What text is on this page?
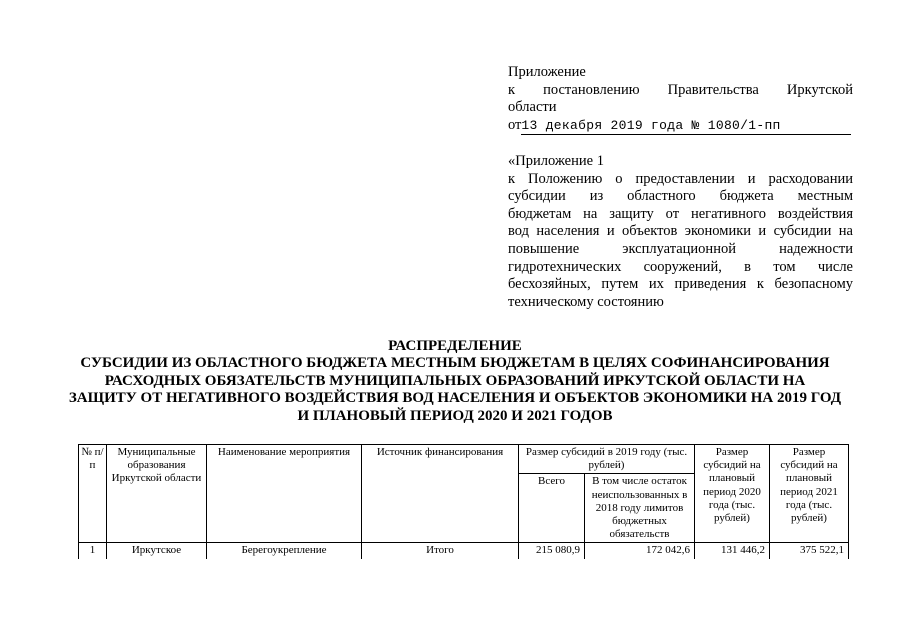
Приложение
к постановлению Правительства Иркутской
области
от13 декабря 2019 года № 1080/1-пп
«Приложение 1
к Положению о предоставлении и расходовании
субсидии из областного бюджета местным
бюджетам на защиту от негативного воздействия
вод населения и объектов экономики и субсидии на
повышение эксплуатационной надежности
гидротехнических сооружений, в том числе
бесхозяйных, путем их приведения к безопасному
техническому состоянию
РАСПРЕДЕЛЕНИЕ
СУБСИДИИ ИЗ ОБЛАСТНОГО БЮДЖЕТА МЕСТНЫМ БЮДЖЕТАМ В ЦЕЛЯХ СОФИНАНСИРОВАНИЯ
РАСХОДНЫХ ОБЯЗАТЕЛЬСТВ МУНИЦИПАЛЬНЫХ ОБРАЗОВАНИЙ ИРКУТСКОЙ ОБЛАСТИ НА
ЗАЩИТУ ОТ НЕГАТИВНОГО ВОЗДЕЙСТВИЯ ВОД НАСЕЛЕНИЯ И ОБЪЕКТОВ ЭКОНОМИКИ НА 2019 ГОД
И ПЛАНОВЫЙ ПЕРИОД 2020 И 2021 ГОДОВ
№ п/п	Муниципальные образования Иркутской области	Наименование мероприятия	Источник финансирования	Размер субсидий в 2019 году (тыс. рублей)		Размер субсидий на плановый период 2020 года (тыс. рублей)	Размер субсидий на плановый период 2021 года (тыс. рублей)
				Всего	В том числе остаток неиспользованных в 2018 году лимитов бюджетных обязательств		
1	Иркутское	Берегоукрепление	Итого	215 080,9	172 042,6	131 446,2	375 522,1
